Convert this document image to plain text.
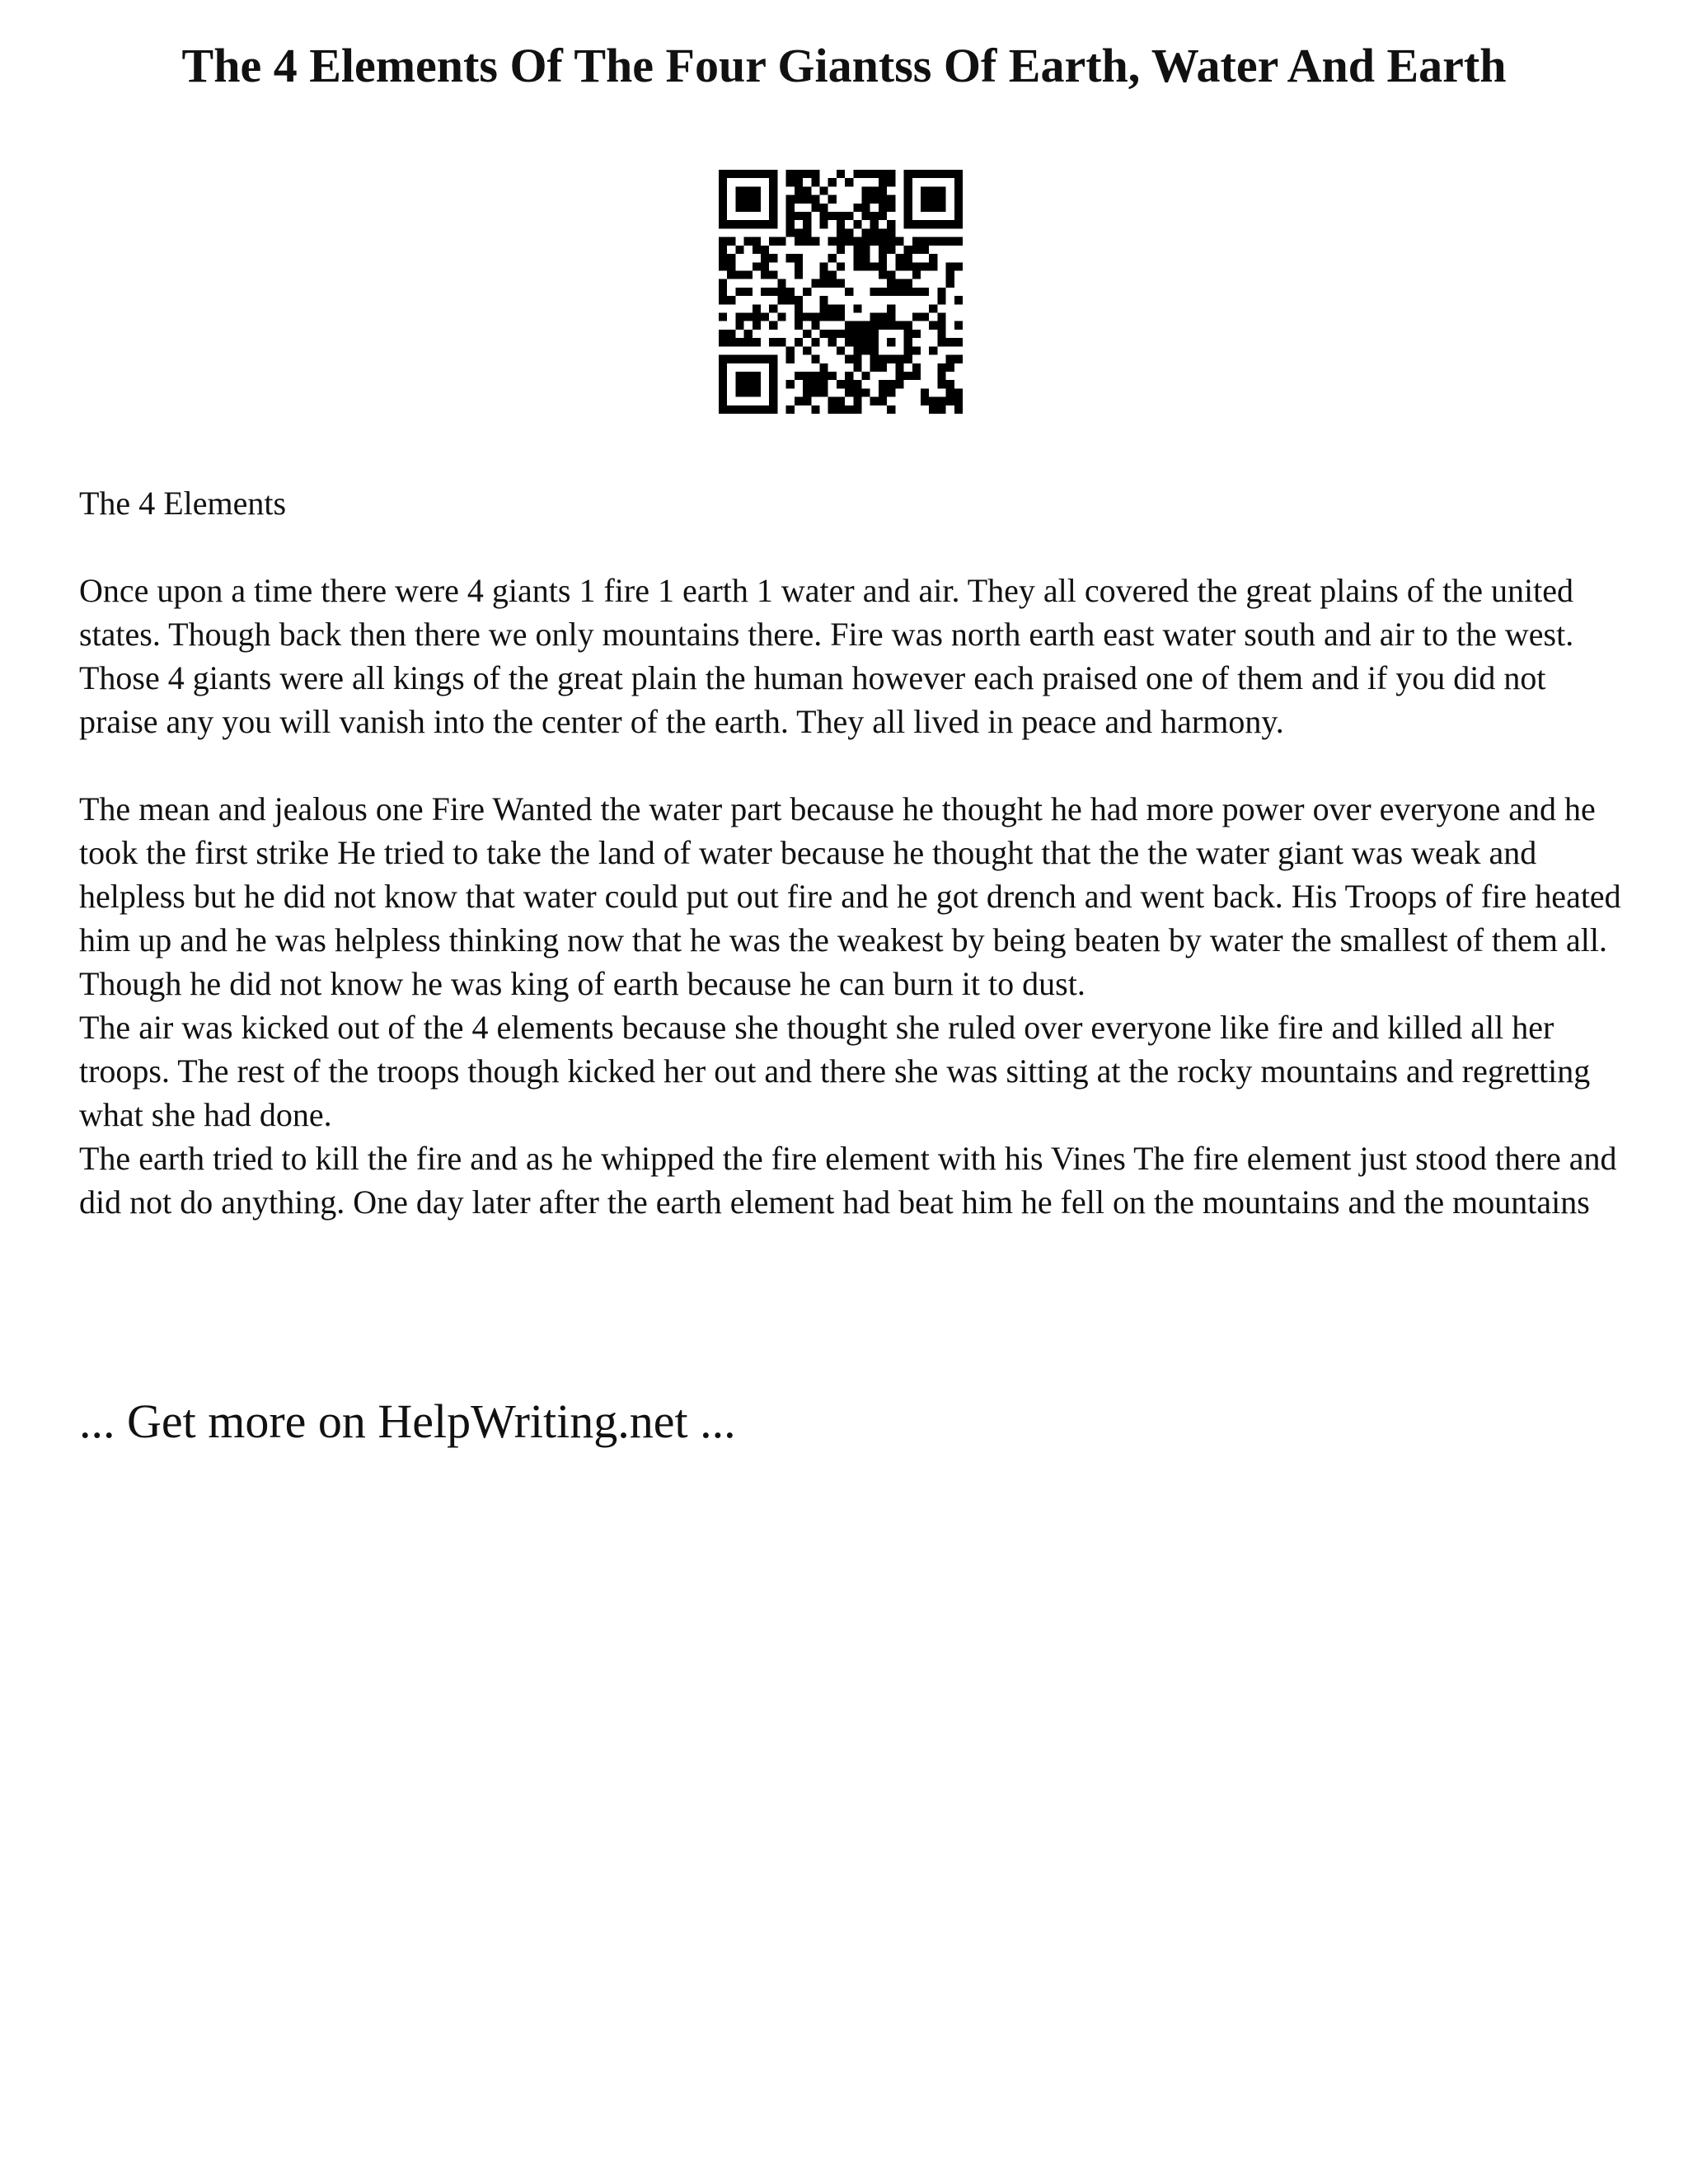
The 4 Elements Of The Four Giantss Of Earth, Water And Earth

The 4 Elements

Once upon a time there were 4 giants 1 fire 1 earth 1 water and air. They all covered the great plains of the united states. Though back then there we only mountains there. Fire was north earth east water south and air to the west. Those 4 giants were all kings of the great plain the human however each praised one of them and if you did not praise any you will vanish into the center of the earth. They all lived in peace and harmony.

The mean and jealous one Fire Wanted the water part because he thought he had more power over everyone and he took the first strike He tried to take the land of water because he thought that the the water giant was weak and helpless but he did not know that water could put out fire and he got drench and went back. His Troops of fire heated him up and he was helpless thinking now that he was the weakest by being beaten by water the smallest of them all. Though he did not know he was king of earth because he can burn it to dust.

The air was kicked out of the 4 elements because she thought she ruled over everyone like fire and killed all her troops. The rest of the troops though kicked her out and there she was sitting at the rocky mountains and regretting what she had done.

The earth tried to kill the fire and as he whipped the fire element with his Vines The fire element just stood there and did not do anything. One day later after the earth element had beat him he fell on the mountains and the mountains

... Get more on HelpWriting.net ...
